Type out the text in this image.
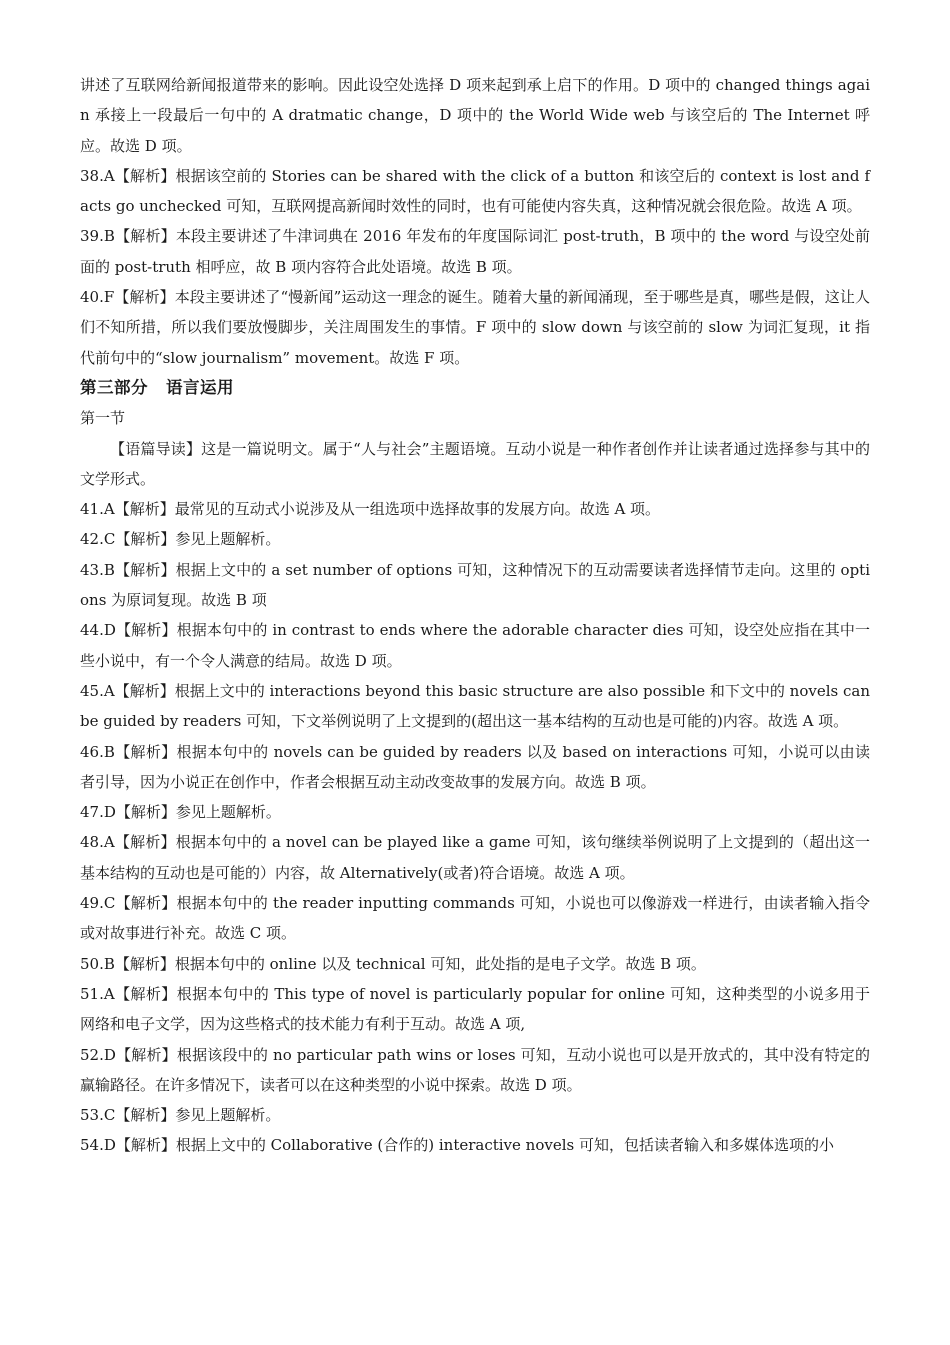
讲述了互联网给新闻报道带来的影响。因此设空处选择 D 项来起到承上启下的作用。D 项中的 changed things again 承接上一段最后一句中的 A dratmatic change，D 项中的 the World Wide web 与该空后的 The Internet 呼应。故选 D 项。

38.A【解析】根据该空前的 Stories can be shared with the click of a button 和该空后的 context is lost and facts go unchecked 可知，互联网提高新闻时效性的同时，也有可能使内容失真，这种情况就会很危险。故选 A 项。

39.B【解析】本段主要讲述了牛津词典在 2016 年发布的年度国际词汇 post-truth，B 项中的 the word 与设空处前面的 post-truth 相呼应，故 B 项内容符合此处语境。故选 B 项。

40.F【解析】本段主要讲述了“慢新闻”运动这一理念的诞生。随着大量的新闻涌现，至于哪些是真，哪些是假，这让人们不知所措，所以我们要放慢脚步，关注周围发生的事情。F 项中的 slow down 与该空前的 slow 为词汇复现，it 指代前句中的“slow journalism” movement。故选 F 项。

第三部分 语言运用

第一节

【语篇导读】这是一篇说明文。属于“人与社会”主题语境。互动小说是一种作者创作并让读者通过选择参与其中的文学形式。

41.A【解析】最常见的互动式小说涉及从一组选项中选择故事的发展方向。故选 A 项。

42.C【解析】参见上题解析。

43.B【解析】根据上文中的 a set number of options 可知，这种情况下的互动需要读者选择情节走向。这里的 options 为原词复现。故选 B 项

44.D【解析】根据本句中的 in contrast to ends where the adorable character dies 可知，设空处应指在其中一些小说中，有一个令人满意的结局。故选 D 项。

45.A【解析】根据上文中的 interactions beyond this basic structure are also possible 和下文中的 novels can be guided by readers 可知，下文举例说明了上文提到的(超出这一基本结构的互动也是可能的)内容。故选 A 项。

46.B【解析】根据本句中的 novels can be guided by readers 以及 based on interactions 可知，小说可以由读者引导，因为小说正在创作中，作者会根据互动主动改变故事的发展方向。故选 B 项。

47.D【解析】参见上题解析。

48.A【解析】根据本句中的 a novel can be played like a game 可知，该句继续举例说明了上文提到的（超出这一基本结构的互动也是可能的）内容，故 Alternatively(或者)符合语境。故选 A 项。

49.C【解析】根据本句中的 the reader inputting commands 可知，小说也可以像游戏一样进行，由读者输入指令或对故事进行补充。故选 C 项。

50.B【解析】根据本句中的 online 以及 technical 可知，此处指的是电子文学。故选 B 项。

51.A【解析】根据本句中的 This type of novel is particularly popular for online 可知，这种类型的小说多用于网络和电子文学，因为这些格式的技术能力有利于互动。故选 A 项,

52.D【解析】根据该段中的 no particular path wins or loses 可知，互动小说也可以是开放式的，其中没有特定的赢输路径。在许多情况下，读者可以在这种类型的小说中探索。故选 D 项。

53.C【解析】参见上题解析。

54.D【解析】根据上文中的 Collaborative (合作的) interactive novels 可知，包括读者输入和多媒体选项的小
